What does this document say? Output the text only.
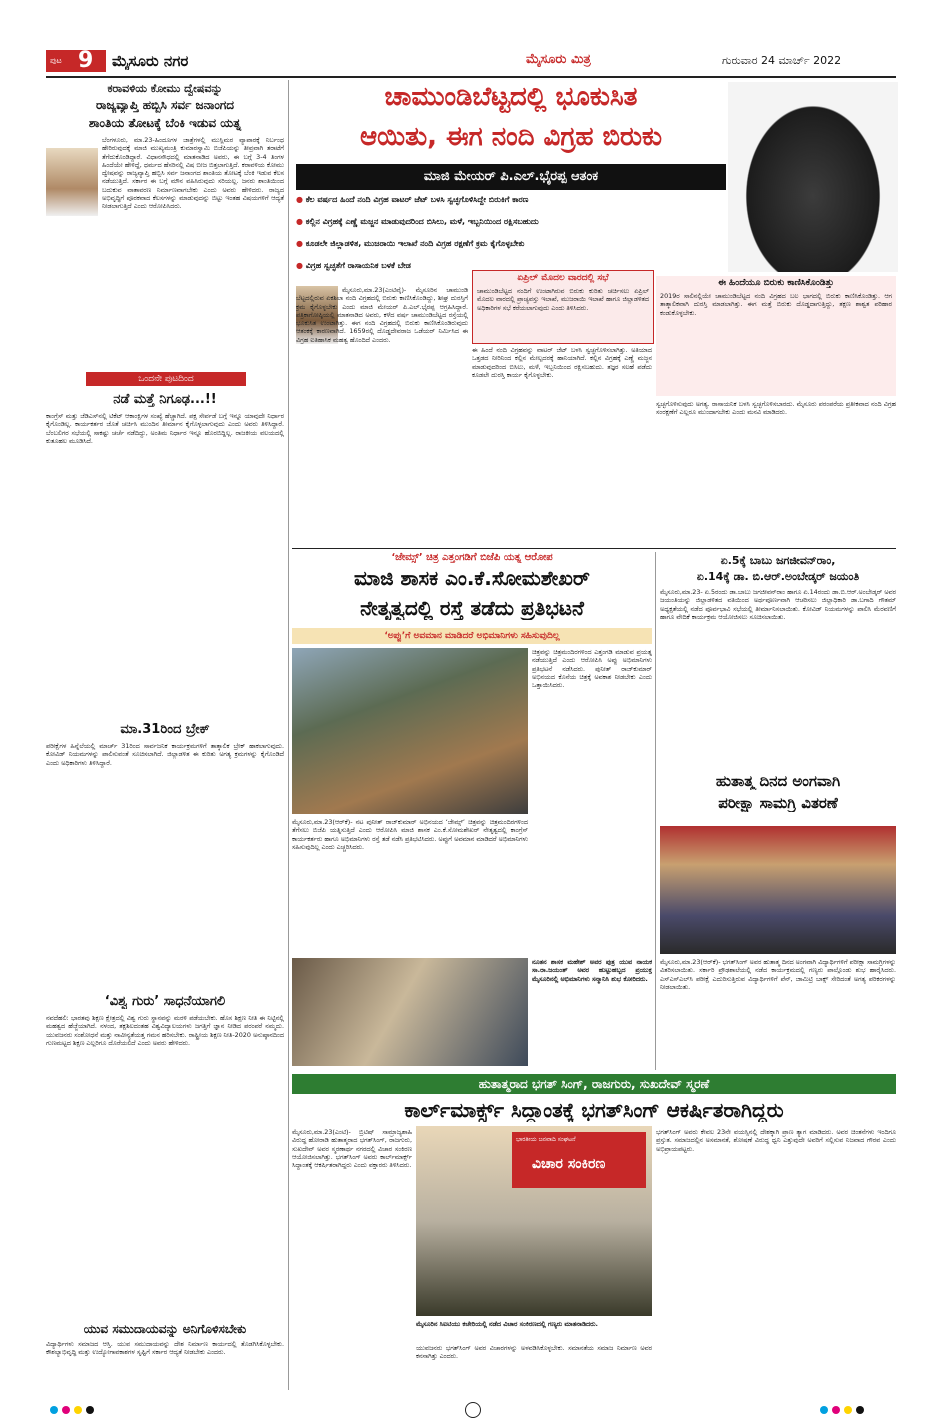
ಪುಟ 9 ಮೈಸೂರು ನಗರ	ಮೈಸೂರು ಮಿತ್ರ	ಗುರುವಾರ 24 ಮಾರ್ಚ್ 2022
ಕರಾವಳಿಯ ಕೋಮು ದ್ವೇಷವನ್ನು
ರಾಜ್ಯವ್ಯಾಪ್ತಿ ಹಬ್ಬಿಸಿ ಸರ್ವ ಜನಾಂಗದ
ಶಾಂತಿಯ ತೋಟಕ್ಕೆ ಬೆಂಕಿ ಇಡುವ ಯತ್ನ
ಬೆಂಗಳೂರು, ಮಾ.23-ಹಿಂದೂಗಳ ಜಾತ್ರೆಗಳಲ್ಲಿ ಮುಸ್ಲಿಮರ ವ್ಯಾಪಾರಕ್ಕೆ ನಿರ್ಬಂಧ ಹೇರಿರುವುದಕ್ಕೆ ಮಾಜಿ ಮುಖ್ಯಮಂತ್ರಿ ಕುಮಾರಸ್ವಾಮಿ ಬಿಜೆಪಿಯನ್ನು ತೀವ್ರವಾಗಿ ತರಾಟೆಗೆ ತೆಗೆದುಕೊಂಡಿದ್ದಾರೆ. ವಿಧಾನಸೌಧದಲ್ಲಿ ಮಾತನಾಡಿದ ಅವರು, ಈ ಬಗ್ಗೆ 3-4 ತಿಂಗಳ ಹಿಂದೆಯೇ ಹೇಳಿದ್ದೆ, ಧರ್ಮದ ಹೆಸರಿನಲ್ಲಿ ವಿಷ ಬೀಜ ಬಿತ್ತಲಾಗುತ್ತಿದೆ. ಕರಾವಳಿಯ ಕೋಮು ದ್ವೇಷವನ್ನು ರಾಜ್ಯವ್ಯಾಪ್ತಿ ಹಬ್ಬಿಸಿ ಸರ್ವ ಜನಾಂಗದ ಶಾಂತಿಯ ತೋಟಕ್ಕೆ ಬೆಂಕಿ ಇಡುವ ಕೆಲಸ ನಡೆಯುತ್ತಿದೆ. ಸರ್ಕಾರ ಈ ಬಗ್ಗೆ ಮೌನ ವಹಿಸಿರುವುದು ಸರಿಯಲ್ಲ. ಜನರು ಶಾಂತಿಯಿಂದ ಬದುಕುವ ವಾತಾವರಣ ನಿರ್ಮಾಣವಾಗಬೇಕು ಎಂದು ಅವರು ಹೇಳಿದರು. ರಾಜ್ಯದ ಅಭಿವೃದ್ಧಿಗೆ ಪೂರಕವಾದ ಕೆಲಸಗಳನ್ನು ಮಾಡುವುದನ್ನು ಬಿಟ್ಟು ಇಂತಹ ವಿಷಯಗಳಿಗೆ ಆದ್ಯತೆ ನೀಡಲಾಗುತ್ತಿದೆ ಎಂದು ಆರೋಪಿಸಿದರು.
ಒಂದನೇ ಪುಟದಿಂದ
ನಡೆ ಮತ್ತೆ ನಿಗೂಢ...!!
ಕಾಂಗ್ರೆಸ್ ಮತ್ತು ಜೆಡಿಎಸ್‌ನಲ್ಲಿ ಟಿಕೆಟ್ ಆಕಾಂಕ್ಷಿಗಳ ಸಂಖ್ಯೆ ಹೆಚ್ಚಾಗಿದೆ. ಪಕ್ಷ ಸೇರ್ಪಡೆ ಬಗ್ಗೆ ಇನ್ನೂ ಯಾವುದೇ ನಿರ್ಧಾರ ಕೈಗೊಂಡಿಲ್ಲ. ಕಾರ್ಯಕರ್ತರ ಜೊತೆ ಚರ್ಚಿಸಿ ಮುಂದಿನ ತೀರ್ಮಾನ ಕೈಗೊಳ್ಳಲಾಗುವುದು ಎಂದು ಅವರು ತಿಳಿಸಿದ್ದಾರೆ. ಬೆಂಬಲಿಗರ ಸಭೆಯಲ್ಲಿ ಸಾಕಷ್ಟು ಚರ್ಚೆ ನಡೆದಿದ್ದು, ಅಂತಿಮ ನಿರ್ಧಾರ ಇನ್ನೂ ಹೊರಬಿದ್ದಿಲ್ಲ. ರಾಜಕೀಯ ವಲಯದಲ್ಲಿ ಕುತೂಹಲ ಮೂಡಿಸಿದೆ.
ಮಾ.31ರಿಂದ ಬ್ರೇಕ್
ಪರೀಕ್ಷೆಗಳ ಹಿನ್ನೆಲೆಯಲ್ಲಿ ಮಾರ್ಚ್ 31ರಿಂದ ಸಾರ್ವಜನಿಕ ಕಾರ್ಯಕ್ರಮಗಳಿಗೆ ತಾತ್ಕಾಲಿಕ ಬ್ರೇಕ್ ಹಾಕಲಾಗುವುದು. ಕೋವಿಡ್ ನಿಯಮಗಳನ್ನು ಪಾಲಿಸುವಂತೆ ಸೂಚಿಸಲಾಗಿದೆ. ಜಿಲ್ಲಾಡಳಿತ ಈ ಕುರಿತು ಅಗತ್ಯ ಕ್ರಮಗಳನ್ನು ಕೈಗೊಂಡಿದೆ ಎಂದು ಅಧಿಕಾರಿಗಳು ತಿಳಿಸಿದ್ದಾರೆ.
‘ವಿಶ್ವ ಗುರು’ ಸಾಧನೆಯಾಗಲಿ
ನವದೆಹಲಿ: ಭಾರತವು ಶಿಕ್ಷಣ ಕ್ಷೇತ್ರದಲ್ಲಿ ವಿಶ್ವ ಗುರು ಸ್ಥಾನವನ್ನು ಮರಳಿ ಪಡೆಯಬೇಕು. ಹೊಸ ಶಿಕ್ಷಣ ನೀತಿ ಈ ನಿಟ್ಟಿನಲ್ಲಿ ಮಹತ್ವದ ಹೆಜ್ಜೆಯಾಗಿದೆ. ನಳಂದ, ತಕ್ಷಶಿಲದಂತಹ ವಿಶ್ವವಿದ್ಯಾಲಯಗಳು ಜಗತ್ತಿಗೆ ಜ್ಞಾನ ನೀಡಿದ ಪರಂಪರೆ ನಮ್ಮದು. ಯುವಜನರು ಸಂಶೋಧನೆ ಮತ್ತು ನಾವೀನ್ಯತೆಯತ್ತ ಗಮನ ಹರಿಸಬೇಕು. ರಾಷ್ಟ್ರೀಯ ಶಿಕ್ಷಣ ನೀತಿ-2020 ಅನುಷ್ಠಾನದಿಂದ ಗುಣಮಟ್ಟದ ಶಿಕ್ಷಣ ಎಲ್ಲರಿಗೂ ದೊರೆಯಲಿದೆ ಎಂದು ಅವರು ಹೇಳಿದರು.
ಯುವ ಸಮುದಾಯವನ್ನು ಅನಿಗೊಳಿಸಬೇಕು
ವಿದ್ಯಾರ್ಥಿಗಳು ಸಮಾಜದ ಆಸ್ತಿ. ಯುವ ಸಮುದಾಯವನ್ನು ದೇಶ ನಿರ್ಮಾಣ ಕಾರ್ಯದಲ್ಲಿ ತೊಡಗಿಸಿಕೊಳ್ಳಬೇಕು. ಕೌಶಲ್ಯಾಭಿವೃದ್ಧಿ ಮತ್ತು ಉದ್ಯೋಗಾವಕಾಶಗಳ ಸೃಷ್ಟಿಗೆ ಸರ್ಕಾರ ಆದ್ಯತೆ ನೀಡಬೇಕು ಎಂದರು.
ಚಾಮುಂಡಿಬೆಟ್ಟದಲ್ಲಿ ಭೂಕುಸಿತ
ಆಯಿತು, ಈಗ ನಂದಿ ವಿಗ್ರಹ ಬಿರುಕು
ಮಾಜಿ ಮೇಯರ್ ಪಿ.ಎಲ್.ಭೈರಪ್ಪ ಆತಂಕ
● ಕೆಲ ವರ್ಷದ ಹಿಂದೆ ನಂದಿ ವಿಗ್ರಹ ವಾಟರ್ ಜೆಟ್ ಬಳಸಿ ಸ್ವಚ್ಛಗೊಳಿಸಿದ್ದೇ ಬಿರುಕಿಗೆ ಕಾರಣ
● ಕಲ್ಲಿನ ವಿಗ್ರಹಕ್ಕೆ ಎಣ್ಣೆ ಮಜ್ಜನ ಮಾಡುವುದರಿಂದ ಬಿಸಿಲು, ಮಳೆ, ಇಬ್ಬನಿಯಿಂದ ರಕ್ಷಿಸಬಹುದು
● ಕೂಡಲೇ ಜಿಲ್ಲಾಡಳಿತ, ಮುಜರಾಯಿ ಇಲಾಖೆ ನಂದಿ ವಿಗ್ರಹ ರಕ್ಷಣೆಗೆ ಕ್ರಮ ಕೈಗೊಳ್ಳಬೇಕು
● ವಿಗ್ರಹ ಸ್ವಚ್ಛತೆಗೆ ರಾಸಾಯನಿಕ ಬಳಕೆ ಬೇಡ
ಮೈಸೂರು,ಮಾ.23(ಎಂಟಿವೈ)- ಮೈಸೂರಿನ ಚಾಮುಂಡಿ ಬೆಟ್ಟದಲ್ಲಿರುವ ಏಕಶಿಲಾ ನಂದಿ ವಿಗ್ರಹದಲ್ಲಿ ಬಿರುಕು ಕಾಣಿಸಿಕೊಂಡಿದ್ದು, ಶೀಘ್ರ ದುರಸ್ತಿಗೆ ಕ್ರಮ ಕೈಗೊಳ್ಳಬೇಕು ಎಂದು ಮಾಜಿ ಮೇಯರ್ ಪಿ.ಎಲ್.ಭೈರಪ್ಪ ಆಗ್ರಹಿಸಿದ್ದಾರೆ. ಪತ್ರಿಕಾಗೋಷ್ಠಿಯಲ್ಲಿ ಮಾತನಾಡಿದ ಅವರು, ಕಳೆದ ವರ್ಷ ಚಾಮುಂಡಿಬೆಟ್ಟದ ರಸ್ತೆಯಲ್ಲಿ ಭೂಕುಸಿತ ಉಂಟಾಗಿತ್ತು. ಈಗ ನಂದಿ ವಿಗ್ರಹದಲ್ಲಿ ಬಿರುಕು ಕಾಣಿಸಿಕೊಂಡಿರುವುದು ಆತಂಕಕ್ಕೆ ಕಾರಣವಾಗಿದೆ. 1659ರಲ್ಲಿ ದೊಡ್ಡದೇವರಾಜ ಒಡೆಯರ್ ನಿರ್ಮಿಸಿದ ಈ ವಿಗ್ರಹ ಐತಿಹಾಸಿಕ ಮಹತ್ವ ಹೊಂದಿದೆ ಎಂದರು.
ಏಪ್ರಿಲ್ ಮೊದಲ ವಾರದಲ್ಲಿ ಸಭೆ
ಚಾಮುಂಡಿಬೆಟ್ಟದ ನಂದಿಗೆ ಉಂಟಾಗಿರುವ ಬಿರುಕು ಕುರಿತು ಚರ್ಚಿಸಲು ಏಪ್ರಿಲ್ ಮೊದಲ ವಾರದಲ್ಲಿ ಪ್ರಾಚ್ಯವಸ್ತು ಇಲಾಖೆ, ಮುಜರಾಯಿ ಇಲಾಖೆ ಹಾಗೂ ಜಿಲ್ಲಾಡಳಿತದ ಅಧಿಕಾರಿಗಳ ಸಭೆ ಕರೆಯಲಾಗುವುದು ಎಂದು ತಿಳಿಸಿದರು.
ಈ ಹಿಂದೆ ನಂದಿ ವಿಗ್ರಹವನ್ನು ವಾಟರ್ ಜೆಟ್ ಬಳಸಿ ಸ್ವಚ್ಛಗೊಳಿಸಲಾಗಿತ್ತು. ಅತಿಯಾದ ಒತ್ತಡದ ನೀರಿನಿಂದ ಕಲ್ಲಿನ ಮೇಲ್ಪದರಕ್ಕೆ ಹಾನಿಯಾಗಿದೆ. ಕಲ್ಲಿನ ವಿಗ್ರಹಕ್ಕೆ ಎಣ್ಣೆ ಮಜ್ಜನ ಮಾಡುವುದರಿಂದ ಬಿಸಿಲು, ಮಳೆ, ಇಬ್ಬನಿಯಿಂದ ರಕ್ಷಿಸಬಹುದು. ತಜ್ಞರ ಸಲಹೆ ಪಡೆದು ಕೂಡಲೇ ದುರಸ್ತಿ ಕಾರ್ಯ ಕೈಗೊಳ್ಳಬೇಕು.
ಈ ಹಿಂದೆಯೂ ಬಿರುಕು ಕಾಣಿಸಿಕೊಂಡಿತ್ತು
2019ರ ಸಾಲಿನಲ್ಲಿಯೇ ಚಾಮುಂಡಿಬೆಟ್ಟದ ನಂದಿ ವಿಗ್ರಹದ ಬಲ ಭಾಗದಲ್ಲಿ ಬಿರುಕು ಕಾಣಿಸಿಕೊಂಡಿತ್ತು. ಆಗ ತಾತ್ಕಾಲಿಕವಾಗಿ ದುರಸ್ತಿ ಮಾಡಲಾಗಿತ್ತು. ಈಗ ಮತ್ತೆ ಬಿರುಕು ದೊಡ್ಡದಾಗುತ್ತಿದ್ದು, ತಕ್ಷಣ ಶಾಶ್ವತ ಪರಿಹಾರ ಕಂಡುಕೊಳ್ಳಬೇಕು.
ಸ್ವಚ್ಛಗೊಳಿಸುವುದು ಅಗತ್ಯ. ರಾಸಾಯನಿಕ ಬಳಸಿ ಸ್ವಚ್ಛಗೊಳಿಸಬಾರದು. ಮೈಸೂರು ಪರಂಪರೆಯ ಪ್ರತೀಕವಾದ ನಂದಿ ವಿಗ್ರಹ ಸಂರಕ್ಷಣೆಗೆ ಎಲ್ಲರೂ ಮುಂದಾಗಬೇಕು ಎಂದು ಮನವಿ ಮಾಡಿದರು.
‘ಜೇಮ್ಸ್’ ಚಿತ್ರ ಎತ್ತಂಗಡಿಗೆ ಬಿಜೆಪಿ ಯತ್ನ ಆರೋಪ
ಮಾಜಿ ಶಾಸಕ ಎಂ.ಕೆ.ಸೋಮಶೇಖರ್
ನೇತೃತ್ವದಲ್ಲಿ ರಸ್ತೆ ತಡೆದು ಪ್ರತಿಭಟನೆ
‘ಅಪ್ಪು’ಗೆ ಅವಮಾನ ಮಾಡಿದರೆ ಅಭಿಮಾನಿಗಳು ಸಹಿಸುವುದಿಲ್ಲ
ಚಿತ್ರವನ್ನು ಚಿತ್ರಮಂದಿರಗಳಿಂದ ಎತ್ತಂಗಡಿ ಮಾಡುವ ಪ್ರಯತ್ನ ನಡೆಯುತ್ತಿದೆ ಎಂದು ಆರೋಪಿಸಿ ಅಪ್ಪು ಅಭಿಮಾನಿಗಳು ಪ್ರತಿಭಟನೆ ನಡೆಸಿದರು. ಪುನೀತ್ ರಾಜ್‌ಕುಮಾರ್ ಅಭಿನಯದ ಕೊನೆಯ ಚಿತ್ರಕ್ಕೆ ಅವಕಾಶ ನೀಡಬೇಕು ಎಂದು ಒತ್ತಾಯಿಸಿದರು.
ಮೈಸೂರು,ಮಾ.23(ಆರ್‌ಕೆ)- ನಟ ಪುನೀತ್ ರಾಜ್‌ಕುಮಾರ್ ಅಭಿನಯದ ‘ಜೇಮ್ಸ್’ ಚಿತ್ರವನ್ನು ಚಿತ್ರಮಂದಿರಗಳಿಂದ ತೆಗೆಸಲು ಬಿಜೆಪಿ ಯತ್ನಿಸುತ್ತಿದೆ ಎಂದು ಆರೋಪಿಸಿ ಮಾಜಿ ಶಾಸಕ ಎಂ.ಕೆ.ಸೋಮಶೇಖರ್ ನೇತೃತ್ವದಲ್ಲಿ ಕಾಂಗ್ರೆಸ್ ಕಾರ್ಯಕರ್ತರು ಹಾಗೂ ಅಭಿಮಾನಿಗಳು ರಸ್ತೆ ತಡೆ ನಡೆಸಿ ಪ್ರತಿಭಟಿಸಿದರು. ಅಪ್ಪುಗೆ ಅವಮಾನ ಮಾಡಿದರೆ ಅಭಿಮಾನಿಗಳು ಸಹಿಸುವುದಿಲ್ಲ ಎಂದು ಎಚ್ಚರಿಸಿದರು.
ನೂತನ ಶಾಸಕ ಮಹೇಶ್ ಅವರ ಪುತ್ರ ಯುವ ನಾಯಕ ಸಾ.ರಾ.ಜಯಂತ್ ಅವರ ಹುಟ್ಟುಹಬ್ಬದ ಪ್ರಯುಕ್ತ ಮೈಸೂರಿನಲ್ಲಿ ಅಭಿಮಾನಿಗಳು ಸನ್ಮಾನಿಸಿ ಶುಭ ಕೋರಿದರು.
ಏ.5ಕ್ಕೆ ಬಾಬು ಜಗಜೀವನ್‌ರಾಂ,
ಏ.14ಕ್ಕೆ ಡಾ. ಬಿ.ಆರ್.ಅಂಬೇಡ್ಕರ್ ಜಯಂತಿ
ಮೈಸೂರು,ಮಾ.23- ಏ.5ರಂದು ಡಾ.ಬಾಬು ಜಗಜೀವನ್‌ರಾಂ ಹಾಗೂ ಏ.14ರಂದು ಡಾ.ಬಿ.ಆರ್.ಅಂಬೇಡ್ಕರ್ ಅವರ ಜಯಂತಿಯನ್ನು ಜಿಲ್ಲಾಡಳಿತದ ವತಿಯಿಂದ ಅರ್ಥಪೂರ್ಣವಾಗಿ ಆಚರಿಸಲು ಜಿಲ್ಲಾಧಿಕಾರಿ ಡಾ.ಬಗಾದಿ ಗೌತಮ್ ಅಧ್ಯಕ್ಷತೆಯಲ್ಲಿ ನಡೆದ ಪೂರ್ವಭಾವಿ ಸಭೆಯಲ್ಲಿ ತೀರ್ಮಾನಿಸಲಾಯಿತು. ಕೋವಿಡ್ ನಿಯಮಗಳನ್ನು ಪಾಲಿಸಿ ಮೆರವಣಿಗೆ ಹಾಗೂ ವೇದಿಕೆ ಕಾರ್ಯಕ್ರಮ ಆಯೋಜಿಸಲು ಸೂಚಿಸಲಾಯಿತು.
ಹುತಾತ್ಮ ದಿನದ ಅಂಗವಾಗಿ
ಪರೀಕ್ಷಾ ಸಾಮಗ್ರಿ ವಿತರಣೆ
ಮೈಸೂರು,ಮಾ.23(ಆರ್‌ಕೆ)- ಭಗತ್‌ಸಿಂಗ್ ಅವರ ಹುತಾತ್ಮ ದಿನದ ಅಂಗವಾಗಿ ವಿದ್ಯಾರ್ಥಿಗಳಿಗೆ ಪರೀಕ್ಷಾ ಸಾಮಗ್ರಿಗಳನ್ನು ವಿತರಿಸಲಾಯಿತು. ಸರ್ಕಾರಿ ಪ್ರೌಢಶಾಲೆಯಲ್ಲಿ ನಡೆದ ಕಾರ್ಯಕ್ರಮದಲ್ಲಿ ಗಣ್ಯರು ಪಾಲ್ಗೊಂಡು ಶುಭ ಹಾರೈಸಿದರು. ಎಸ್‌ಎಸ್‌ಎಲ್‌ಸಿ ಪರೀಕ್ಷೆ ಎದುರಿಸುತ್ತಿರುವ ವಿದ್ಯಾರ್ಥಿಗಳಿಗೆ ಪೆನ್, ಜಾಮಿಟ್ರಿ ಬಾಕ್ಸ್ ಸೇರಿದಂತೆ ಅಗತ್ಯ ಪರಿಕರಗಳನ್ನು ನೀಡಲಾಯಿತು.
ಹುತಾತ್ಮರಾದ ಭಗತ್ ಸಿಂಗ್, ರಾಜಗುರು, ಸುಖದೇವ್ ಸ್ಮರಣೆ
ಕಾರ್ಲ್‌ಮಾರ್ಕ್ಸ್ ಸಿದ್ಧಾಂತಕ್ಕೆ ಭಗತ್‌ಸಿಂಗ್ ಆಕರ್ಷಿತರಾಗಿದ್ದರು
ಮೈಸೂರು,ಮಾ.23(ಎಂಟಿ)- ಬ್ರಿಟಿಷ್ ಸಾಮ್ರಾಜ್ಯಶಾಹಿ ವಿರುದ್ಧ ಹೋರಾಡಿ ಹುತಾತ್ಮರಾದ ಭಗತ್‌ಸಿಂಗ್, ರಾಜಗುರು, ಸುಖದೇವ್ ಅವರ ಸ್ಮರಣಾರ್ಥ ನಗರದಲ್ಲಿ ವಿಚಾರ ಸಂಕಿರಣ ಆಯೋಜಿಸಲಾಗಿತ್ತು. ಭಗತ್‌ಸಿಂಗ್ ಅವರು ಕಾರ್ಲ್‌ಮಾರ್ಕ್ಸ್ ಸಿದ್ಧಾಂತಕ್ಕೆ ಆಕರ್ಷಿತರಾಗಿದ್ದರು ಎಂದು ವಕ್ತಾರರು ತಿಳಿಸಿದರು.
ಭಾರತೀಯ ಜನವಾದಿ ಸಂಘಟನೆ
ವಿಚಾರ ಸಂಕಿರಣ
ಮೈಸೂರಿನ ಸಿಐಟಿಯು ಕಚೇರಿಯಲ್ಲಿ ನಡೆದ ವಿಚಾರ ಸಂಕಿರಣದಲ್ಲಿ ಗಣ್ಯರು ಮಾತನಾಡಿದರು.
ಯುವಜನರು ಭಗತ್‌ಸಿಂಗ್ ಅವರ ವಿಚಾರಗಳನ್ನು ಅಳವಡಿಸಿಕೊಳ್ಳಬೇಕು. ಸಮಾನತೆಯ ಸಮಾಜ ನಿರ್ಮಾಣ ಅವರ ಕನಸಾಗಿತ್ತು ಎಂದರು.
ಭಗತ್‌ಸಿಂಗ್ ಅವರು ಕೇವಲ 23ನೇ ವಯಸ್ಸಿನಲ್ಲಿ ದೇಶಕ್ಕಾಗಿ ಪ್ರಾಣ ತ್ಯಾಗ ಮಾಡಿದರು. ಅವರ ಚಿಂತನೆಗಳು ಇಂದಿಗೂ ಪ್ರಸ್ತುತ. ಸಮಾಜದಲ್ಲಿನ ಅಸಮಾನತೆ, ಶೋಷಣೆ ವಿರುದ್ಧ ಧ್ವನಿ ಎತ್ತುವುದೇ ಅವರಿಗೆ ಸಲ್ಲಿಸುವ ನಿಜವಾದ ಗೌರವ ಎಂದು ಅಭಿಪ್ರಾಯಪಟ್ಟರು.
